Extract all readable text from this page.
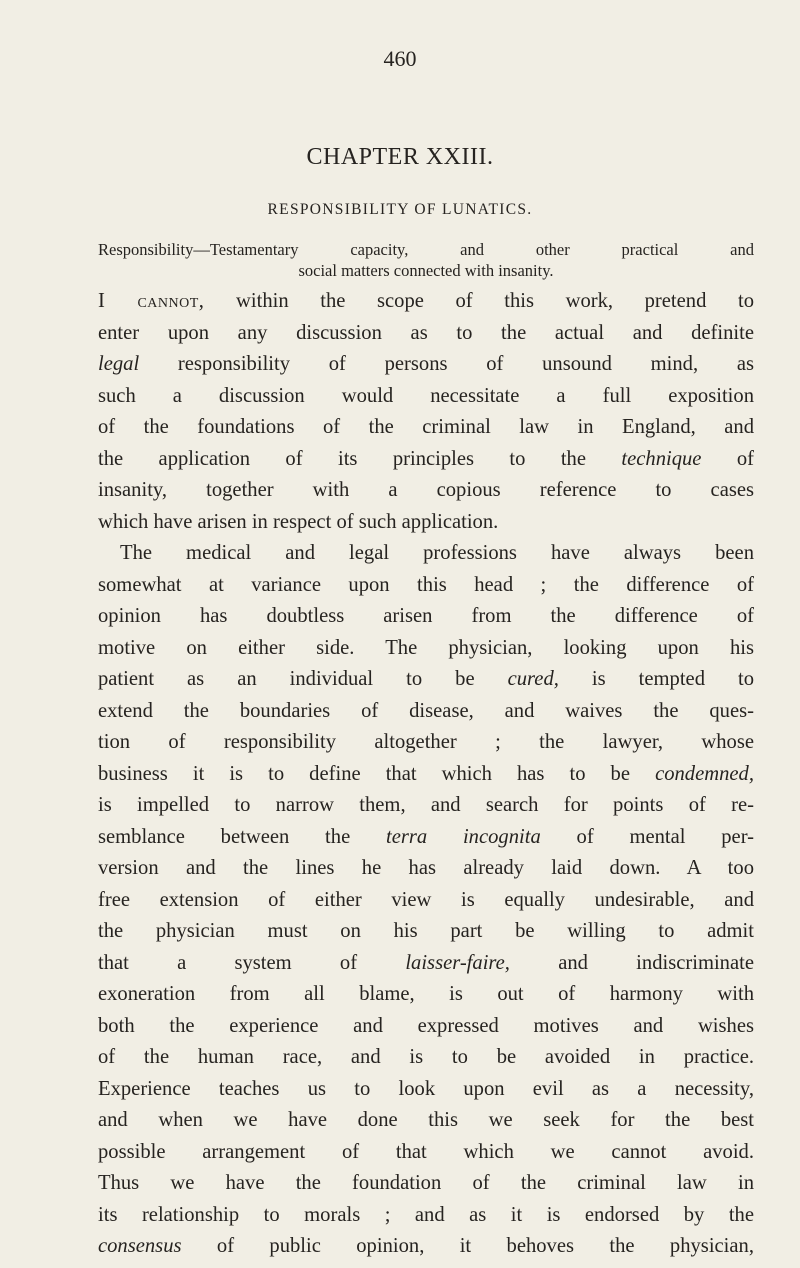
460
CHAPTER XXIII.
RESPONSIBILITY OF LUNATICS.
Responsibility—Testamentary capacity, and other practical and
social matters connected with insanity.
I cannot, within the scope of this work, pretend to
enter upon any discussion as to the actual and definite
legal responsibility of persons of unsound mind, as
such a discussion would necessitate a full exposition
of the foundations of the criminal law in England, and
the application of its principles to the technique of
insanity, together with a copious reference to cases
which have arisen in respect of such application.
The medical and legal professions have always been
somewhat at variance upon this head ; the difference of
opinion has doubtless arisen from the difference of
motive on either side. The physician, looking upon his
patient as an individual to be cured, is tempted to
extend the boundaries of disease, and waives the ques-
tion of responsibility altogether ; the lawyer, whose
business it is to define that which has to be condemned,
is impelled to narrow them, and search for points of re-
semblance between the terra incognita of mental per-
version and the lines he has already laid down. A too
free extension of either view is equally undesirable, and
the physician must on his part be willing to admit
that a system of laisser-faire, and indiscriminate
exoneration from all blame, is out of harmony with
both the experience and expressed motives and wishes
of the human race, and is to be avoided in practice.
Experience teaches us to look upon evil as a necessity,
and when we have done this we seek for the best
possible arrangement of that which we cannot avoid.
Thus we have the foundation of the criminal law in
its relationship to morals ; and as it is endorsed by the
consensus of public opinion, it behoves the physician,
